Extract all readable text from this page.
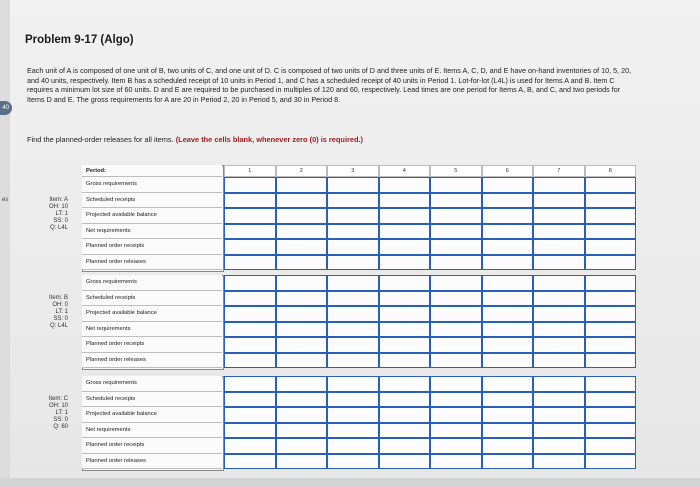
40
es
Problem 9-17 (Algo)
Each unit of A is composed of one unit of B, two units of C, and one unit of D. C is composed of two units of D and three units of E. Items A, C, D, and E have on-hand inventories of 10, 5, 20, and 40 units, respectively. Item B has a scheduled receipt of 10 units in Period 1, and C has a scheduled receipt of 40 units in Period 1. Lot-for-lot (L4L) is used for Items A and B. Item C requires a minimum lot size of 60 units. D and E are required to be purchased in multiples of 120 and 60, respectively. Lead times are one period for Items A, B, and C, and two periods for Items D and E. The gross requirements for A are 20 in Period 2, 20 in Period 5, and 30 in Period 8.
Find the planned-order releases for all items. (Leave the cells blank, whenever zero (0) is required.)
Item: A
OH: 10
LT: 1
SS: 0
Q: L4L
Period:	1	2	3	4	5	6	7	8
Gross requirements
Scheduled receipts
Projected available balance
Net requirements
Planned order receipts
Planned order releases
Item: B
OH: 0
LT: 1
SS: 0
Q: L4L
Gross requirements
Scheduled receipts
Projected available balance
Net requirements
Planned order receipts
Planned order releases
Item: C
OH: 10
LT: 1
SS: 0
Q: 60
Gross requirements
Scheduled receipts
Projected available balance
Net requirements
Planned order receipts
Planned order releases
